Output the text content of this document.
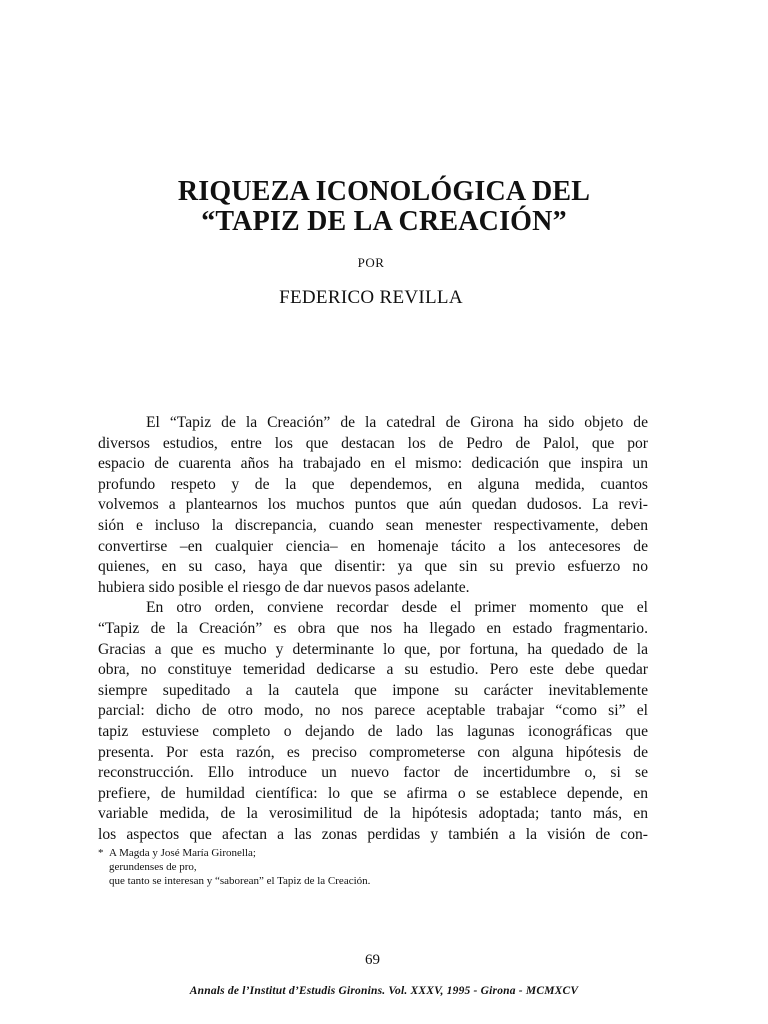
RIQUEZA ICONOLÓGICA DEL
“TAPIZ DE LA CREACIÓN”
POR
FEDERICO REVILLA
El “Tapiz de la Creación” de la catedral de Girona ha sido objeto de
diversos estudios, entre los que destacan los de Pedro de Palol, que por
espacio de cuarenta años ha trabajado en el mismo: dedicación que inspira un
profundo respeto y de la que dependemos, en alguna medida, cuantos
volvemos a plantearnos los muchos puntos que aún quedan dudosos. La revi-
sión e incluso la discrepancia, cuando sean menester respectivamente, deben
convertirse –en cualquier ciencia– en homenaje tácito a los antecesores de
quienes, en su caso, haya que disentir: ya que sin su previo esfuerzo no
hubiera sido posible el riesgo de dar nuevos pasos adelante.
En otro orden, conviene recordar desde el primer momento que el
“Tapiz de la Creación” es obra que nos ha llegado en estado fragmentario.
Gracias a que es mucho y determinante lo que, por fortuna, ha quedado de la
obra, no constituye temeridad dedicarse a su estudio. Pero este debe quedar
siempre supeditado a la cautela que impone su carácter inevitablemente
parcial: dicho de otro modo, no nos parece aceptable trabajar “como si” el
tapiz estuviese completo o dejando de lado las lagunas iconográficas que
presenta. Por esta razón, es preciso comprometerse con alguna hipótesis de
reconstrucción. Ello introduce un nuevo factor de incertidumbre o, si se
prefiere, de humildad científica: lo que se afirma o se establece depende, en
variable medida, de la verosimilitud de la hipótesis adoptada; tanto más, en
los aspectos que afectan a las zonas perdidas y también a la visión de con-
* A Magda y José María Gironella;
gerundenses de pro,
que tanto se interesan y “saborean” el Tapiz de la Creación.
69
Annals de l’Institut d’Estudis Gironins. Vol. XXXV, 1995 - Girona - MCMXCV
